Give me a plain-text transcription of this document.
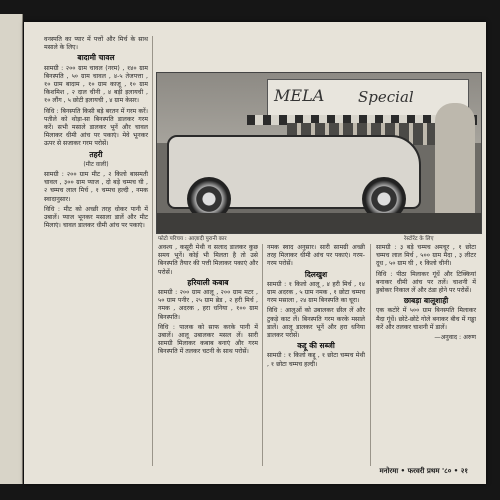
वनस्पति का प्यार में पत्तों और मिर्च के साथ मसाले के लिए।

बादामी चावल

सामग्री : २०० ग्राम चावल (नरम) , १४० ग्राम बिनस्पति , ५० ग्राम चावल , ४-५ तेजपत्ता , १० ग्राम बादाम , १० ग्राम काजू , १० ग्राम किशमिश , २ दाल चीनी , ४ बड़ी इलायची , १० लौंग , ५ छोटी इलायची , ४ ग्राम केसर।

विधि : बिनस्पति किसी बड़े बरतन में गरम करें। पतीले को थोड़ा-सा बिनस्पति डालकर गरम करें। सभी मसाले डालकर भूनें और चावल मिलाकर धीमी आंच पर पकाएं। मेवे भूनकर ऊपर से सजाकर गरम परोसें।

तहरी
(मीट वाली)

सामग्री : २०० ग्राम मीट , २ किलो बासमती चावल , ३०० ग्राम प्याज , दो बड़े चम्मच घी , २ चम्मच लाल मिर्च , १ चम्मच हल्दी , नमक स्वादानुसार।

विधि : मीट को अच्छी तरह धोकर पानी में उबालें। प्याज भूनकर मसाला डालें और मीट मिलाएं। चावल डालकर धीमी आंच पर पकाएं।

MELA Special
फोटो परिचय : आज़ादी पुरानी कार	रेस्टोरेंट के लिए

अवश्य , कसूरी मेथी व सलाद डालकर कुछ समय भूनें। कोई भी मिलता है तो उसे बिनस्पति तैयार की पत्ती मिलाकर पकाएं और परोसें।

हरियाली कबाब

सामग्री : २०० ग्राम आलू , २०० ग्राम मटर , ५० ग्राम पनीर , २५ ग्राम ब्रेड , २ हरी मिर्च , नमक , अदरक , हरा धनिया , १०० ग्राम बिनस्पति।

विधि : पालक को साफ करके पानी में उबालें। आलू उबालकर मसल लें। सारी सामग्री मिलाकर कबाब बनाएं और गरम बिनस्पति में तलकर चटनी के साथ परोसें।

नमक स्वाद अनुसार। सारी सामग्री अच्छी तरह मिलाकर धीमी आंच पर पकाएं। गरम-गरम परोसें।

दिलखुश

सामग्री : १ किलो आलू , ४ हरी मिर्च , १४ ग्राम अदरक , ५ ग्राम नमक , १ छोटा चम्मच गरम मसाला , २४ ग्राम बिनस्पति का चूरा।

विधि : आलुओं को उबालकर छील लें और टुकड़े काट लें। बिनस्पति गरम करके मसाले डालें। आलू डालकर भूनें और हरा धनिया डालकर परोसें।

कद्दू की सब्जी

सामग्री : १ किलो कद्दू , १ छोटा चम्मच मेथी , १ छोटा चम्मच हल्दी।

सामग्री : ३ बड़े चम्मच अमचूर , १ छोटा चम्मच लाल मिर्च , ५०० ग्राम मैदा , ३ लीटर दूध , ५० ग्राम घी , १ किलो चीनी।

विधि : पीठा मिलाकर गूंधें और टिक्कियां बनाकर धीमी आंच पर तलें। चाशनी में डुबोकर निकाल लें और ठंडा होने पर परोसें।

छाबड़ा बालूशाही

एक कटोरे में ५०० ग्राम बिनस्पति मिलाकर मैदा गूंधें। छोटे-छोटे गोले बनाकर बीच में गड्ढा करें और तलकर चाशनी में डालें।

—अनुवाद : अरुण

मनोरमा • फरवरी प्रथम '८० • २१
